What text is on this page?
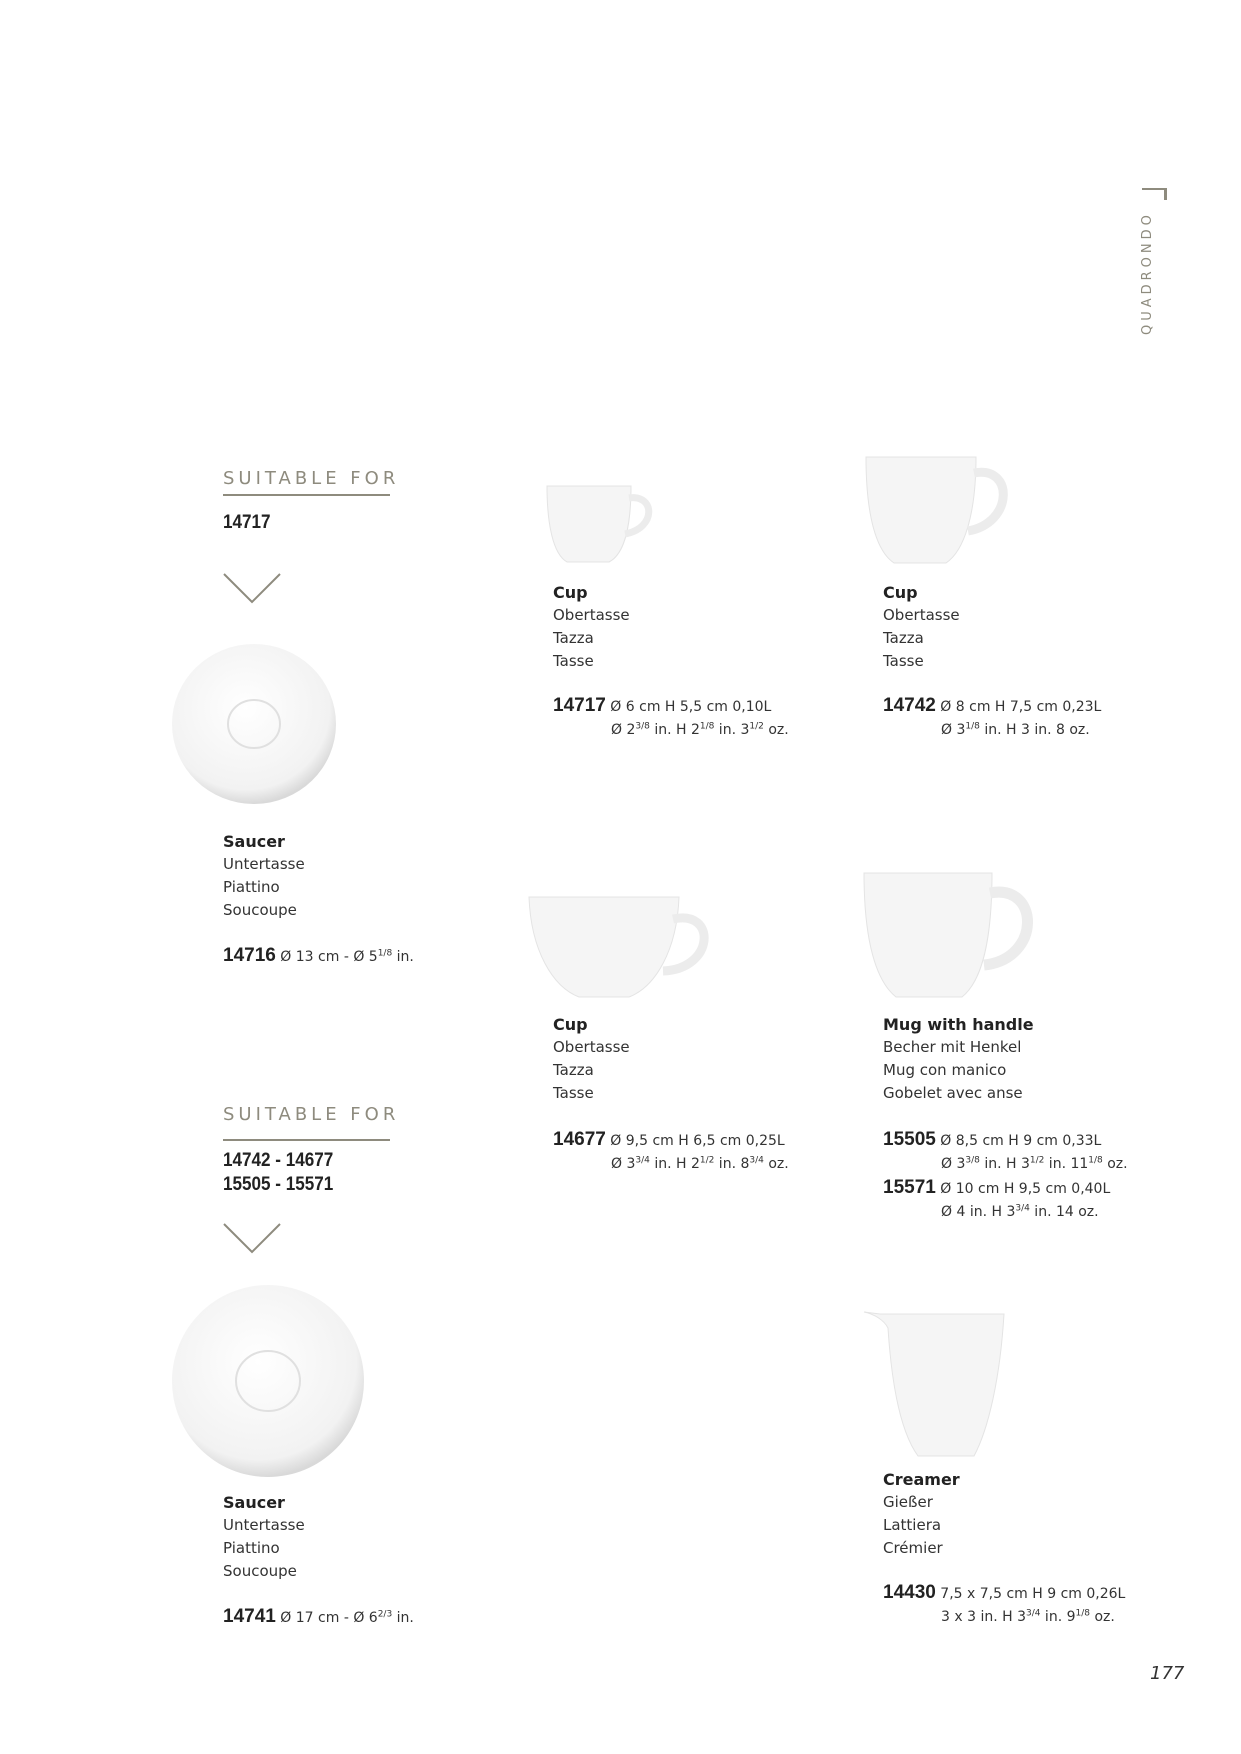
QUADRONDO
SUITABLE FOR
14717
Saucer
Untertasse
Piattino
Soucoupe
14716 Ø 13 cm - Ø $5^{1/8}$ in.
SUITABLE FOR
14742 - 14677
15505 - 15571
Saucer
Untertasse
Piattino
Soucoupe
14741 Ø 17 cm - Ø $6^{2/3}$ in.
Cup
Obertasse
Tazza
Tasse
14717 Ø 6 cm H 5,5 cm 0,10L
Ø $2^{3/8}$ in. H $2^{1/8}$ in. $3^{1/2}$ oz.
Cup
Obertasse
Tazza
Tasse
14742 Ø 8 cm H 7,5 cm 0,23L
Ø $3^{1/8}$ in. H 3 in. 8 oz.
Cup
Obertasse
Tazza
Tasse
14677 Ø 9,5 cm H 6,5 cm 0,25L
Ø $3^{3/4}$ in. H $2^{1/2}$ in. $8^{3/4}$ oz.
Mug with handle
Becher mit Henkel
Mug con manico
Gobelet avec anse
15505 Ø 8,5 cm H 9 cm 0,33L
Ø $3^{3/8}$ in. H $3^{1/2}$ in. $11^{1/8}$ oz.
15571 Ø 10 cm H 9,5 cm 0,40L
Ø 4 in. H $3^{3/4}$ in. 14 oz.
Creamer
Gießer
Lattiera
Crémier
14430 7,5 x 7,5 cm H 9 cm 0,26L
3 x 3 in. H $3^{3/4}$ in. $9^{1/8}$ oz.
177
